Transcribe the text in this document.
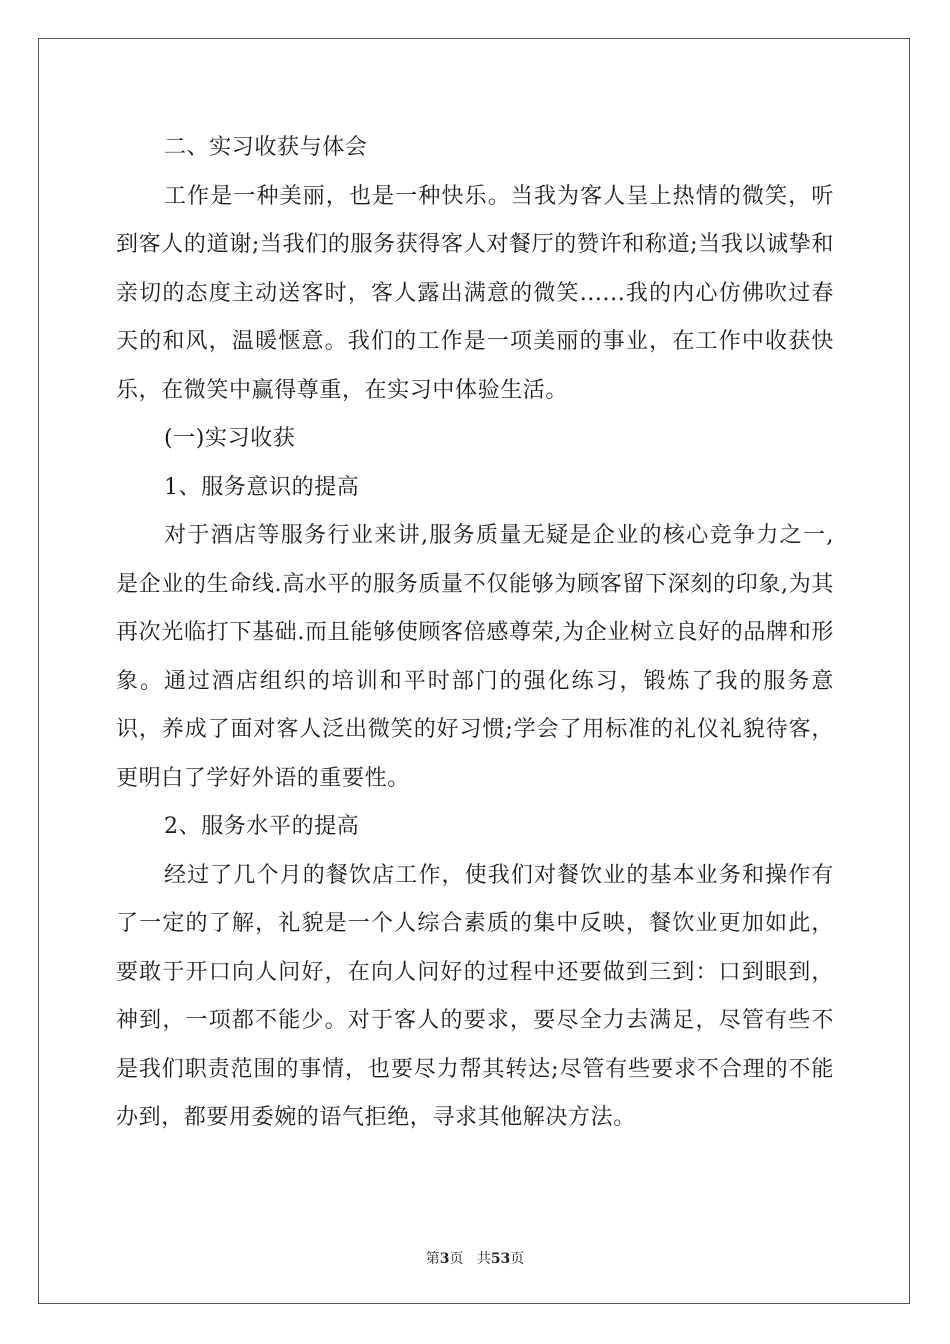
二、实习收获与体会

工作是一种美丽，也是一种快乐。当我为客人呈上热情的微笑，听到客人的道谢;当我们的服务获得客人对餐厅的赞许和称道;当我以诚挚和亲切的态度主动送客时，客人露出满意的微笑......我的内心仿佛吹过春天的和风，温暖惬意。我们的工作是一项美丽的事业，在工作中收获快乐，在微笑中赢得尊重，在实习中体验生活。

(一)实习收获

1、服务意识的提高

对于酒店等服务行业来讲,服务质量无疑是企业的核心竞争力之一,是企业的生命线.高水平的服务质量不仅能够为顾客留下深刻的印象,为其再次光临打下基础.而且能够使顾客倍感尊荣,为企业树立良好的品牌和形象。通过酒店组织的培训和平时部门的强化练习，锻炼了我的服务意识，养成了面对客人泛出微笑的好习惯;学会了用标准的礼仪礼貌待客，更明白了学好外语的重要性。

2、服务水平的提高

经过了几个月的餐饮店工作，使我们对餐饮业的基本业务和操作有了一定的了解，礼貌是一个人综合素质的集中反映，餐饮业更加如此，要敢于开口向人问好，在向人问好的过程中还要做到三到：口到眼到，神到，一项都不能少。对于客人的要求，要尽全力去满足，尽管有些不是我们职责范围的事情，也要尽力帮其转达;尽管有些要求不合理的不能办到，都要用委婉的语气拒绝，寻求其他解决方法。

第3页 共53页
